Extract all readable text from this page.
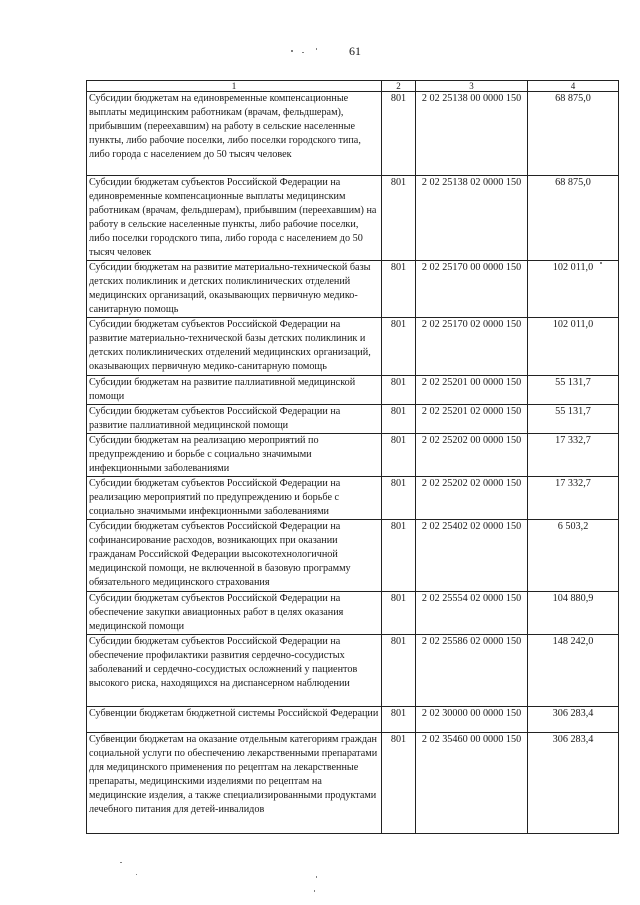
61
1	2	3	4
Субсидии бюджетам на единовременные компенсационные выплаты медицинским работникам (врачам, фельдшерам), прибывшим (переехавшим) на работу в сельские населенные пункты, либо рабочие поселки, либо поселки городского типа, либо города с населением до 50 тысяч человек	801	2 02 25138 00 0000 150	68 875,0
Субсидии бюджетам субъектов Российской Федерации на единовременные компенсационные выплаты медицинским работникам (врачам, фельдшерам), прибывшим (переехавшим) на работу в сельские населенные пункты, либо рабочие поселки, либо поселки городского типа, либо города с населением до 50 тысяч человек	801	2 02 25138 02 0000 150	68 875,0
Субсидии бюджетам на развитие материально-технической базы детских поликлиник и детских поликлинических отделений медицинских организаций, оказывающих первичную медико-санитарную помощь	801	2 02 25170 00 0000 150	102 011,0
Субсидии бюджетам субъектов Российской Федерации на развитие материально-технической базы детских поликлиник и детских поликлинических отделений медицинских организаций, оказывающих первичную медико-санитарную помощь	801	2 02 25170 02 0000 150	102 011,0
Субсидии бюджетам на развитие паллиативной медицинской помощи	801	2 02 25201 00 0000 150	55 131,7
Субсидии бюджетам субъектов Российской Федерации на развитие паллиативной медицинской помощи	801	2 02 25201 02 0000 150	55 131,7
Субсидии бюджетам на реализацию мероприятий по предупреждению и борьбе с социально значимыми инфекционными заболеваниями	801	2 02 25202 00 0000 150	17 332,7
Субсидии бюджетам субъектов Российской Федерации на реализацию мероприятий по предупреждению и борьбе с социально значимыми инфекционными заболеваниями	801	2 02 25202 02 0000 150	17 332,7
Субсидии бюджетам субъектов Российской Федерации на софинансирование расходов, возникающих при оказании гражданам Российской Федерации высокотехнологичной медицинской помощи, не включенной в базовую программу обязательного медицинского страхования	801	2 02 25402 02 0000 150	6 503,2
Субсидии бюджетам субъектов Российской Федерации на обеспечение закупки авиационных работ в целях оказания медицинской помощи	801	2 02 25554 02 0000 150	104 880,9
Субсидии бюджетам субъектов Российской Федерации на обеспечение профилактики развития сердечно-сосудистых заболеваний и сердечно-сосудистых осложнений у пациентов высокого риска, находящихся на диспансерном наблюдении	801	2 02 25586 02 0000 150	148 242,0
Субвенции бюджетам бюджетной системы Российской Федерации	801	2 02 30000 00 0000 150	306 283,4
Субвенции бюджетам на оказание отдельным категориям граждан социальной услуги по обеспечению лекарственными препаратами для медицинского применения по рецептам на лекарственные препараты, медицинскими изделиями по рецептам на медицинские изделия, а также специализированными продуктами лечебного питания для детей-инвалидов	801	2 02 35460 00 0000 150	306 283,4
